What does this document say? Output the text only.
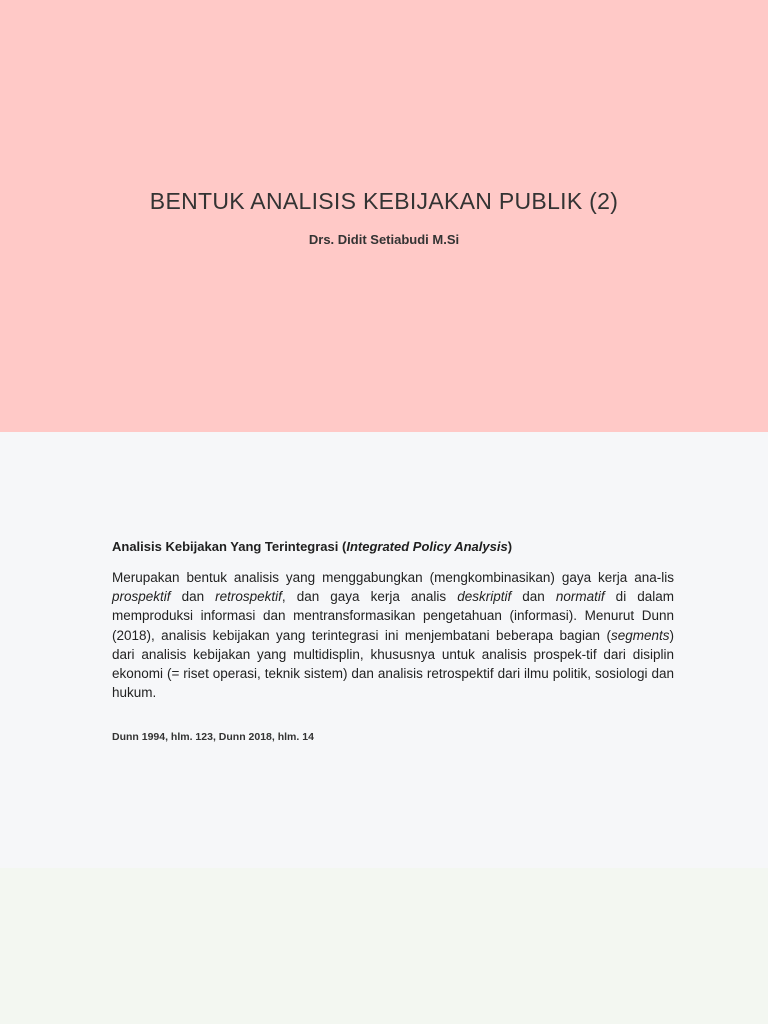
BENTUK ANALISIS KEBIJAKAN PUBLIK (2)

Drs. Didit Setiabudi M.Si

Analisis Kebijakan Yang Terintegrasi (Integrated Policy Analysis)

Merupakan bentuk analisis yang menggabungkan (mengkombinasikan) gaya kerja ana-lis prospektif dan retrospektif, dan gaya kerja analis deskriptif dan normatif di dalam memproduksi informasi dan mentransformasikan pengetahuan (informasi). Menurut Dunn (2018), analisis kebijakan yang terintegrasi ini menjembatani beberapa bagian (segments) dari analisis kebijakan yang multidisplin, khususnya untuk analisis prospek-tif dari disiplin ekonomi (= riset operasi, teknik sistem) dan analisis retrospektif dari ilmu politik, sosiologi dan hukum.

Dunn 1994, hlm. 123, Dunn 2018, hlm. 14
